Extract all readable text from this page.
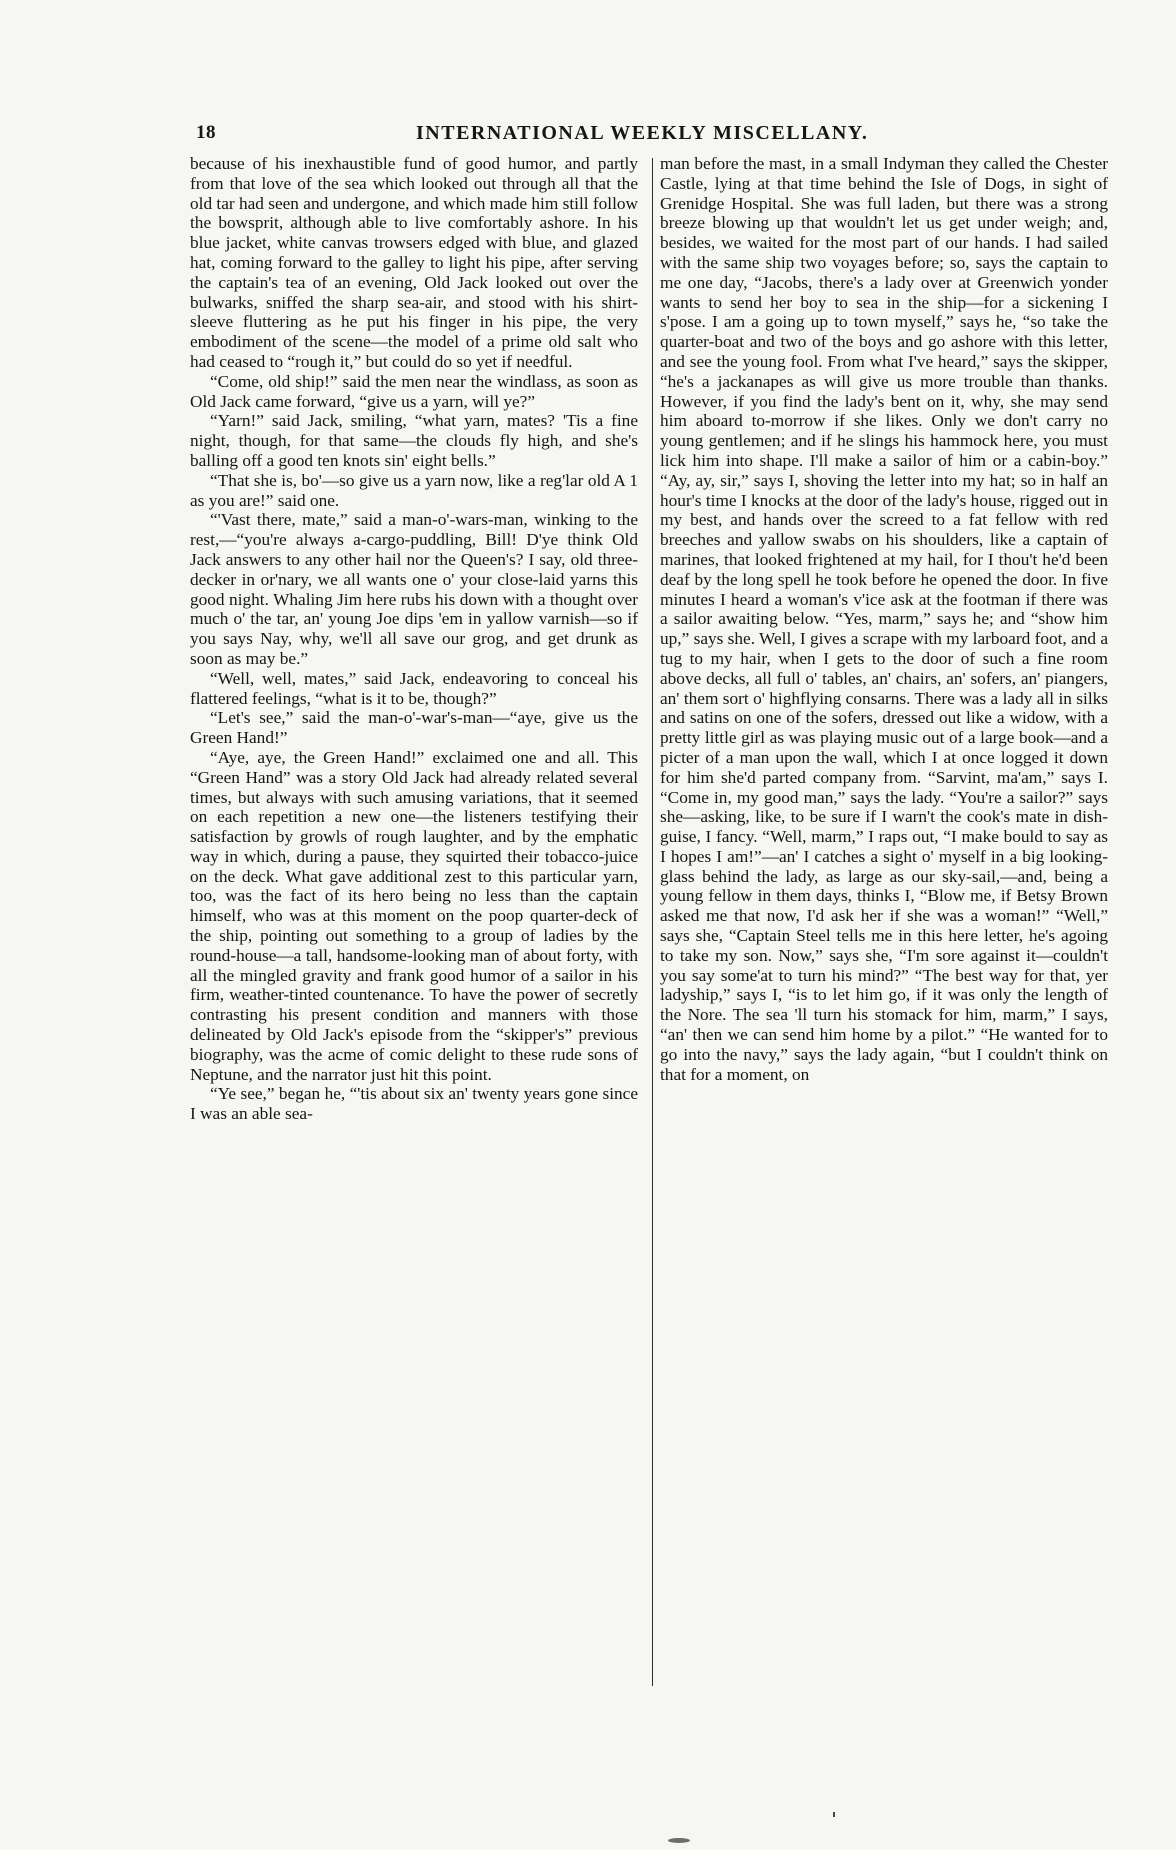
18	INTERNATIONAL WEEKLY MISCELLANY.

because of his inexhaustible fund of good humor, and partly from that love of the sea which looked out through all that the old tar had seen and undergone, and which made him still follow the bowsprit, although able to live comfortably ashore. In his blue jacket, white canvas trowsers edged with blue, and glazed hat, coming forward to the galley to light his pipe, after serving the captain's tea of an evening, Old Jack looked out over the bulwarks, sniffed the sharp sea-air, and stood with his shirt-sleeve fluttering as he put his finger in his pipe, the very embodiment of the scene—the model of a prime old salt who had ceased to “rough it,” but could do so yet if needful.

“Come, old ship!” said the men near the windlass, as soon as Old Jack came forward, “give us a yarn, will ye?”

“Yarn!” said Jack, smiling, “what yarn, mates? 'Tis a fine night, though, for that same—the clouds fly high, and she's balling off a good ten knots sin' eight bells.”

“That she is, bo'—so give us a yarn now, like a reg'lar old A 1 as you are!” said one.

“'Vast there, mate,” said a man-o'-wars-man, winking to the rest,—“you're always a-cargo-puddling, Bill! D'ye think Old Jack answers to any other hail nor the Queen's? I say, old three-decker in or'nary, we all wants one o' your close-laid yarns this good night. Whaling Jim here rubs his down with a thought over much o' the tar, an' young Joe dips 'em in yallow varnish—so if you says Nay, why, we'll all save our grog, and get drunk as soon as may be.”

“Well, well, mates,” said Jack, endeavoring to conceal his flattered feelings, “what is it to be, though?”

“Let's see,” said the man-o'-war's-man—“aye, give us the Green Hand!”

“Aye, aye, the Green Hand!” exclaimed one and all. This “Green Hand” was a story Old Jack had already related several times, but always with such amusing variations, that it seemed on each repetition a new one—the listeners testifying their satisfaction by growls of rough laughter, and by the emphatic way in which, during a pause, they squirted their tobacco-juice on the deck. What gave additional zest to this particular yarn, too, was the fact of its hero being no less than the captain himself, who was at this moment on the poop quarter-deck of the ship, pointing out something to a group of ladies by the round-house—a tall, handsome-looking man of about forty, with all the mingled gravity and frank good humor of a sailor in his firm, weather-tinted countenance. To have the power of secretly contrasting his present condition and manners with those delineated by Old Jack's episode from the “skipper's” previous biography, was the acme of comic delight to these rude sons of Neptune, and the narrator just hit this point.

“Ye see,” began he, “'tis about six an' twenty years gone since I was an able sea-

man before the mast, in a small Indyman they called the Chester Castle, lying at that time behind the Isle of Dogs, in sight of Grenidge Hospital. She was full laden, but there was a strong breeze blowing up that wouldn't let us get under weigh; and, besides, we waited for the most part of our hands. I had sailed with the same ship two voyages before; so, says the captain to me one day, “Jacobs, there's a lady over at Greenwich yonder wants to send her boy to sea in the ship—for a sickening I s'pose. I am a going up to town myself,” says he, “so take the quarter-boat and two of the boys and go ashore with this letter, and see the young fool. From what I've heard,” says the skipper, “he's a jackanapes as will give us more trouble than thanks. However, if you find the lady's bent on it, why, she may send him aboard to-morrow if she likes. Only we don't carry no young gentlemen; and if he slings his hammock here, you must lick him into shape. I'll make a sailor of him or a cabin-boy.” “Ay, ay, sir,” says I, shoving the letter into my hat; so in half an hour's time I knocks at the door of the lady's house, rigged out in my best, and hands over the screed to a fat fellow with red breeches and yallow swabs on his shoulders, like a captain of marines, that looked frightened at my hail, for I thou't he'd been deaf by the long spell he took before he opened the door. In five minutes I heard a woman's v'ice ask at the footman if there was a sailor awaiting below. “Yes, marm,” says he; and “show him up,” says she. Well, I gives a scrape with my larboard foot, and a tug to my hair, when I gets to the door of such a fine room above decks, all full o' tables, an' chairs, an' sofers, an' piangers, an' them sort o' highflying consarns. There was a lady all in silks and satins on one of the sofers, dressed out like a widow, with a pretty little girl as was playing music out of a large book—and a picter of a man upon the wall, which I at once logged it down for him she'd parted company from. “Sarvint, ma'am,” says I. “Come in, my good man,” says the lady. “You're a sailor?” says she—asking, like, to be sure if I warn't the cook's mate in dish-guise, I fancy. “Well, marm,” I raps out, “I make bould to say as I hopes I am!”—an' I catches a sight o' myself in a big looking-glass behind the lady, as large as our sky-sail,—and, being a young fellow in them days, thinks I, “Blow me, if Betsy Brown asked me that now, I'd ask her if she was a woman!” “Well,” says she, “Captain Steel tells me in this here letter, he's agoing to take my son. Now,” says she, “I'm sore against it—couldn't you say some'at to turn his mind?” “The best way for that, yer ladyship,” says I, “is to let him go, if it was only the length of the Nore. The sea 'll turn his stomack for him, marm,” I says, “an' then we can send him home by a pilot.” “He wanted for to go into the navy,” says the lady again, “but I couldn't think on that for a moment, on
